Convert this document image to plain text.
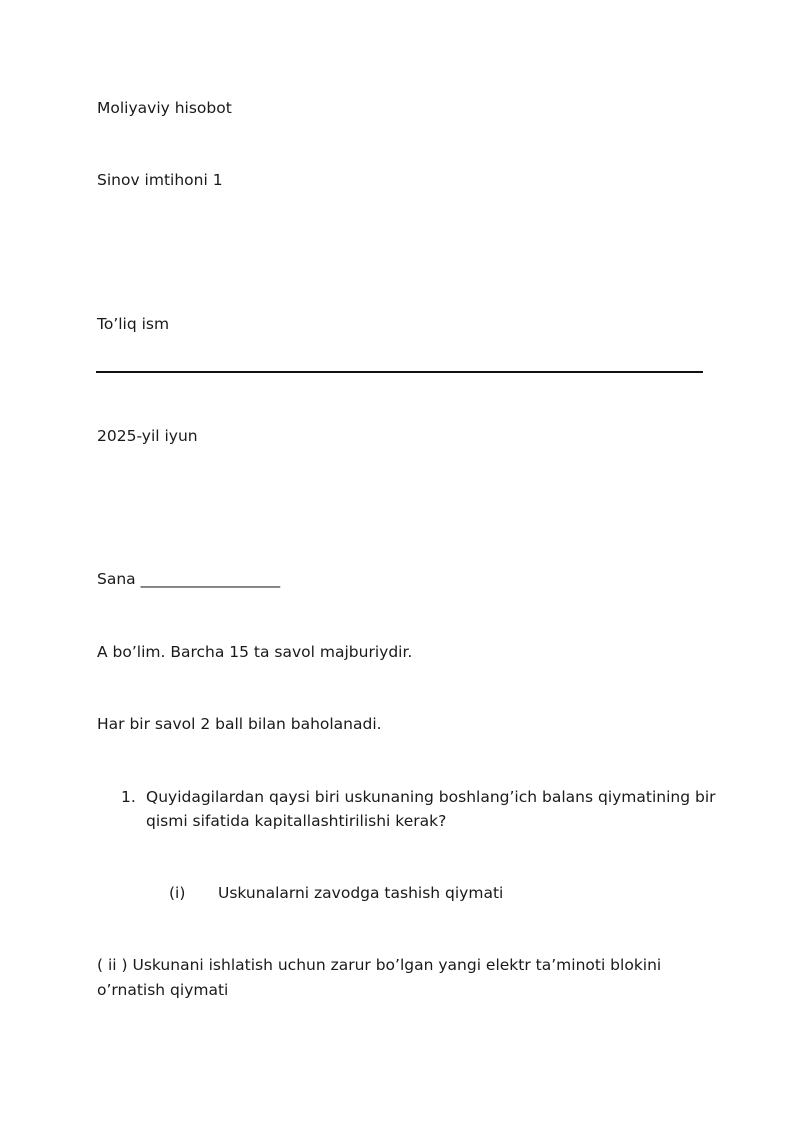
Moliyaviy hisobot
Sinov imtihoni 1
To’liq ism
2025-yil iyun
Sana __________________
A bo’lim. Barcha 15 ta savol majburiydir.
Har bir savol 2 ball bilan baholanadi.
1. Quyidagilardan qaysi biri uskunaning boshlang’ich balans qiymatining bir qismi sifatida kapitallashtirilishi kerak?
(i) Uskunalarni zavodga tashish qiymati
( ii ) Uskunani ishlatish uchun zarur bo’lgan yangi elektr ta’minoti blokini o’rnatish qiymati
